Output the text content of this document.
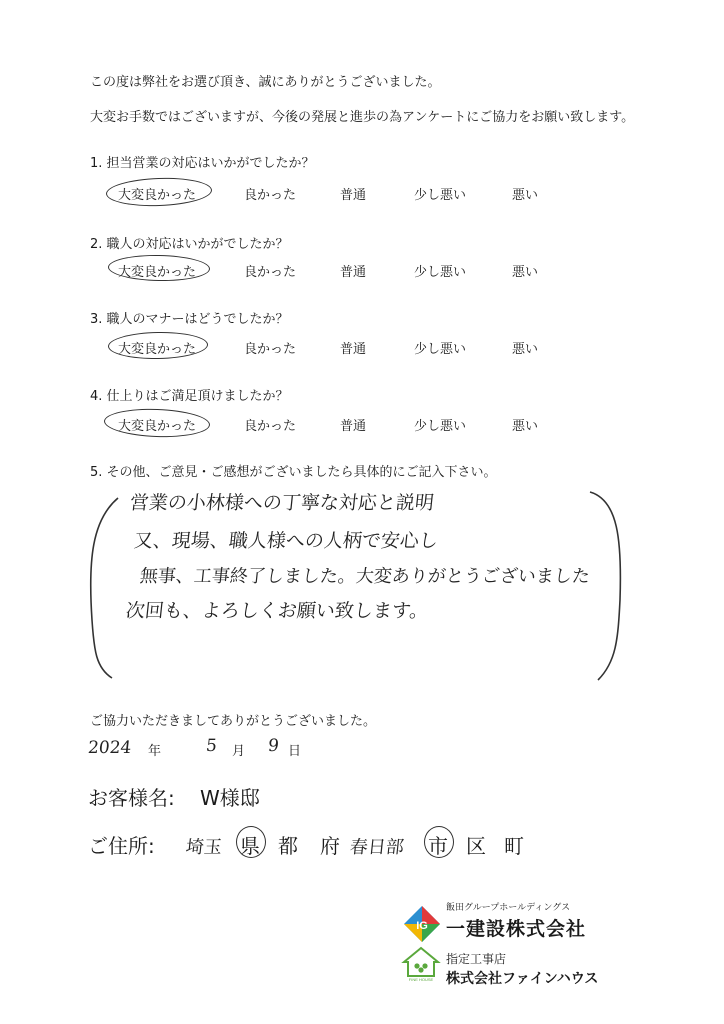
この度は弊社をお選び頂き、誠にありがとうございました。
大変お手数ではございますが、今後の発展と進歩の為アンケートにご協力をお願い致します。
1. 担当営業の対応はいかがでしたか？
大変良かった	良かった	普通	少し悪い	悪い
2. 職人の対応はいかがでしたか？
大変良かった	良かった	普通	少し悪い	悪い
3. 職人のマナーはどうでしたか？
大変良かった	良かった	普通	少し悪い	悪い
4. 仕上りはご満足頂けましたか？
大変良かった	良かった	普通	少し悪い	悪い
5. その他、ご意見・ご感想がございましたら具体的にご記入下さい。
営業の小林様への丁寧な対応と説明
又、現場、職人様への人柄で安心し
無事、工事終了しました。大変ありがとうございました
次回も、よろしくお願い致します。
ご協力いただきましてありがとうございました。
2024 年	5 月 9 日
お客様名: W様邸
ご住所: 埼玉 県 都 府 春日部 市 区 町
IG
飯田グループホールディングス
一建設株式会社
FINE HOUSE
指定工事店
株式会社ファインハウス
